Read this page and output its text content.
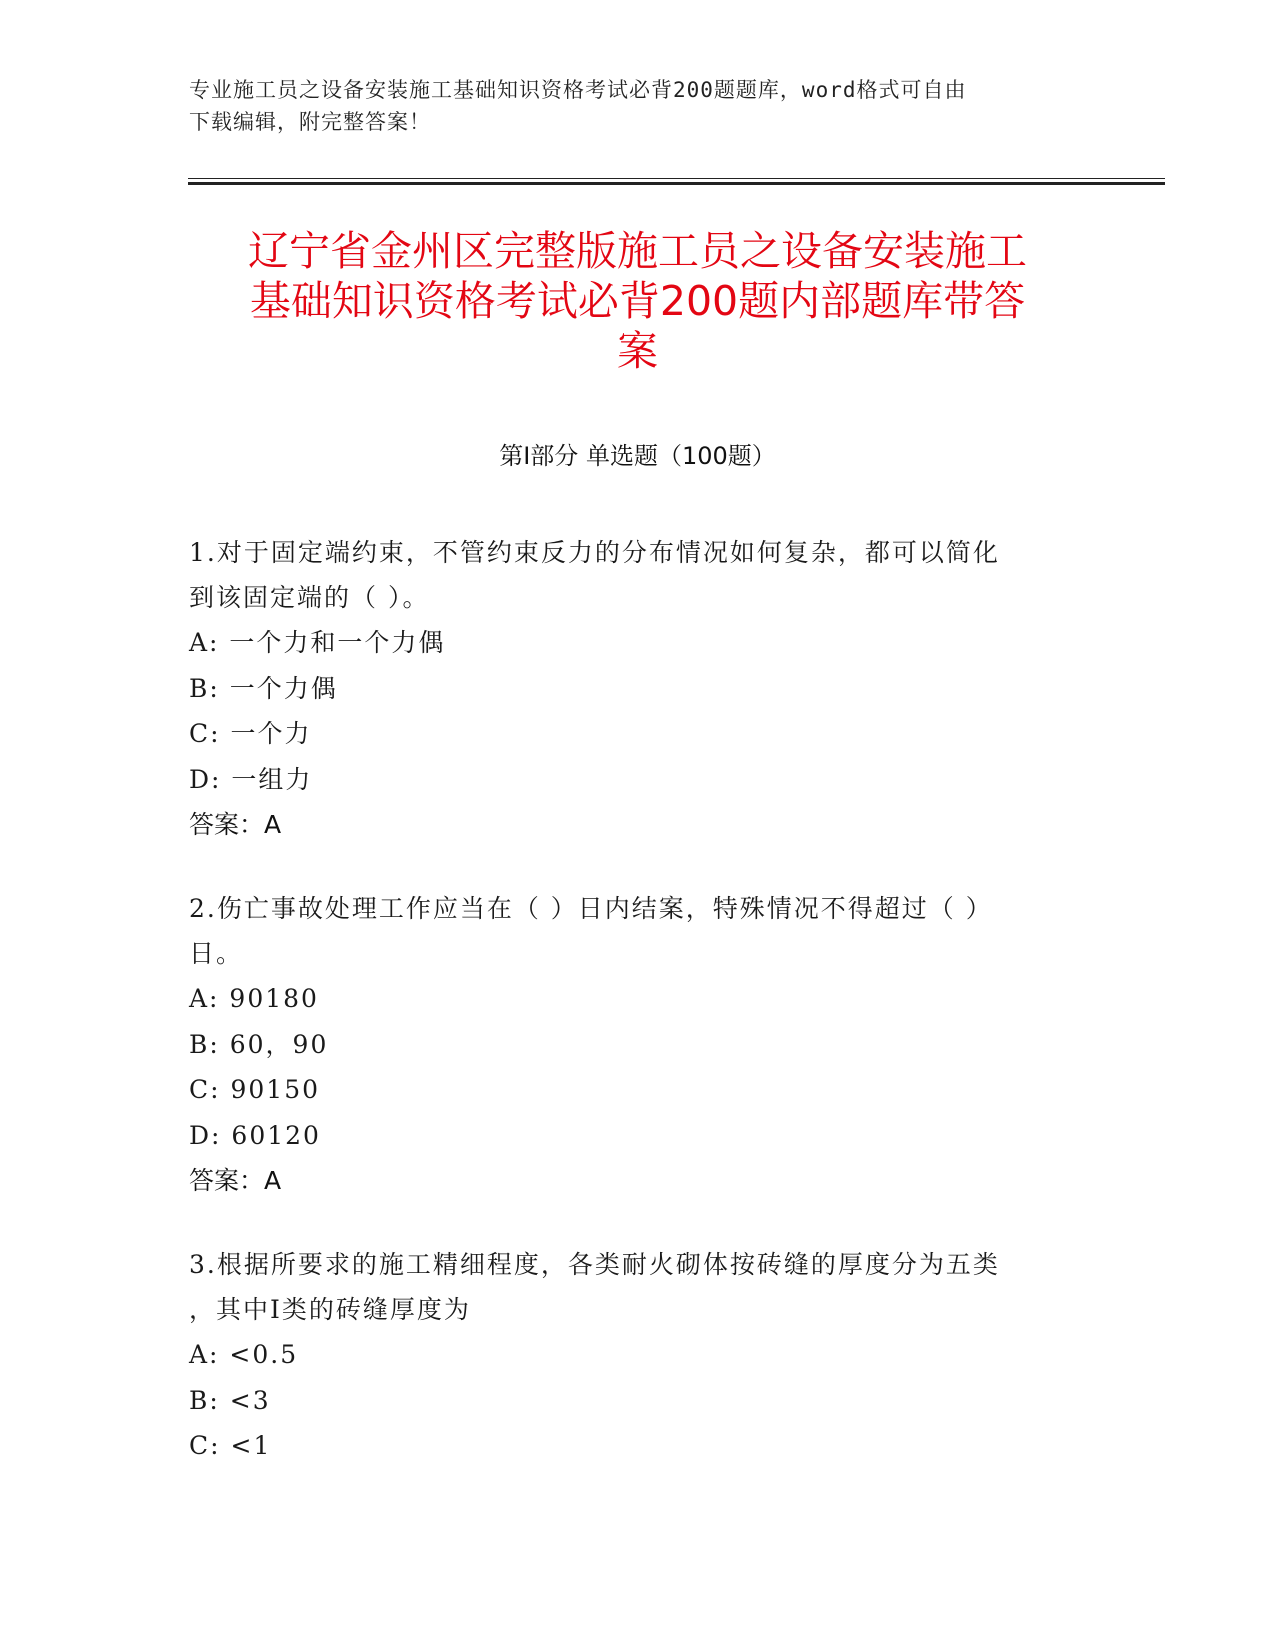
专业施工员之设备安装施工基础知识资格考试必背200题题库，word格式可自由
下载编辑，附完整答案！
辽宁省金州区完整版施工员之设备安装施工
基础知识资格考试必背200题内部题库带答
案
第Ⅰ部分 单选题（100题）

1.对于固定端约束，不管约束反力的分布情况如何复杂，都可以简化

到该固定端的（ ）。

A: 一个力和一个力偶

B: 一个力偶

C: 一个力

D: 一组力

答案：A

2.伤亡事故处理工作应当在（ ）日内结案，特殊情况不得超过（ ）

日。

A: 90180

B: 60，90

C: 90150

D: 60120

答案：A

3.根据所要求的施工精细程度，各类耐火砌体按砖缝的厚度分为五类

，其中Ⅰ类的砖缝厚度为

A: <0.5

B: <3

C: <1
